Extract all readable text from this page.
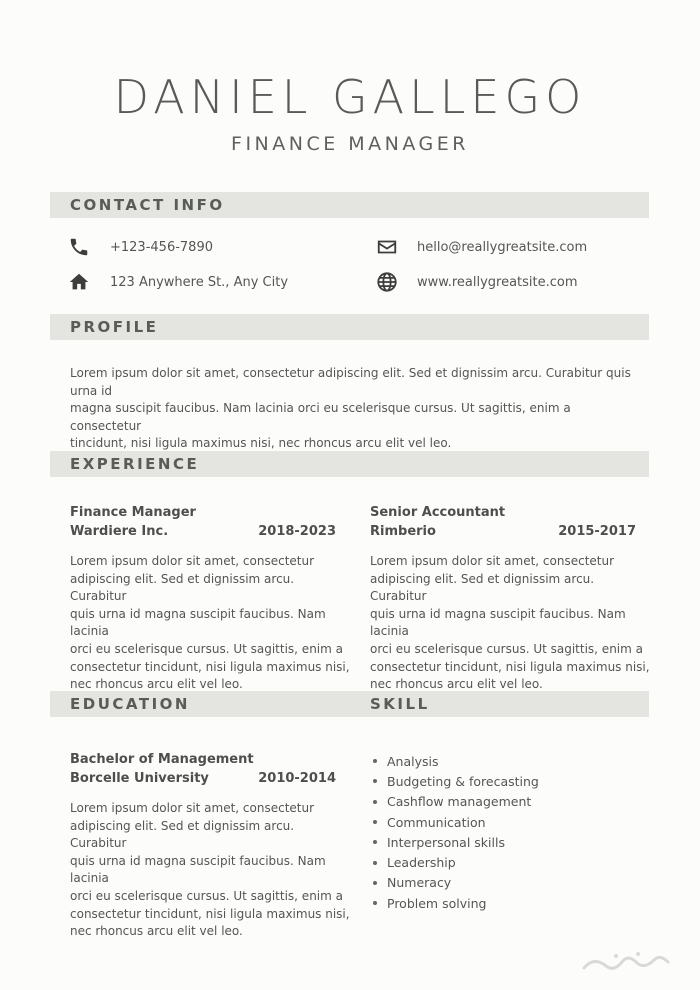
DANIEL GALLEGO
FINANCE MANAGER
CONTACT INFO
+123-456-7890	hello@reallygreatsite.com
123 Anywhere St., Any City	www.reallygreatsite.com
PROFILE
Lorem ipsum dolor sit amet, consectetur adipiscing elit. Sed et dignissim arcu. Curabitur quis urna id
magna suscipit faucibus. Nam lacinia orci eu scelerisque cursus. Ut sagittis, enim a consectetur
tincidunt, nisi ligula maximus nisi, nec rhoncus arcu elit vel leo.
EXPERIENCE
Finance Manager
Wardiere Inc.	2018-2023
Lorem ipsum dolor sit amet, consectetur
adipiscing elit. Sed et dignissim arcu. Curabitur
quis urna id magna suscipit faucibus. Nam lacinia
orci eu scelerisque cursus. Ut sagittis, enim a
consectetur tincidunt, nisi ligula maximus nisi,
nec rhoncus arcu elit vel leo.
Senior Accountant
Rimberio	2015-2017
Lorem ipsum dolor sit amet, consectetur
adipiscing elit. Sed et dignissim arcu. Curabitur
quis urna id magna suscipit faucibus. Nam lacinia
orci eu scelerisque cursus. Ut sagittis, enim a
consectetur tincidunt, nisi ligula maximus nisi,
nec rhoncus arcu elit vel leo.
EDUCATION	SKILL
Bachelor of Management
Borcelle University	2010-2014
Lorem ipsum dolor sit amet, consectetur
adipiscing elit. Sed et dignissim arcu. Curabitur
quis urna id magna suscipit faucibus. Nam lacinia
orci eu scelerisque cursus. Ut sagittis, enim a
consectetur tincidunt, nisi ligula maximus nisi,
nec rhoncus arcu elit vel leo.
Analysis
Budgeting & forecasting
Cashflow management
Communication
Interpersonal skills
Leadership
Numeracy
Problem solving
